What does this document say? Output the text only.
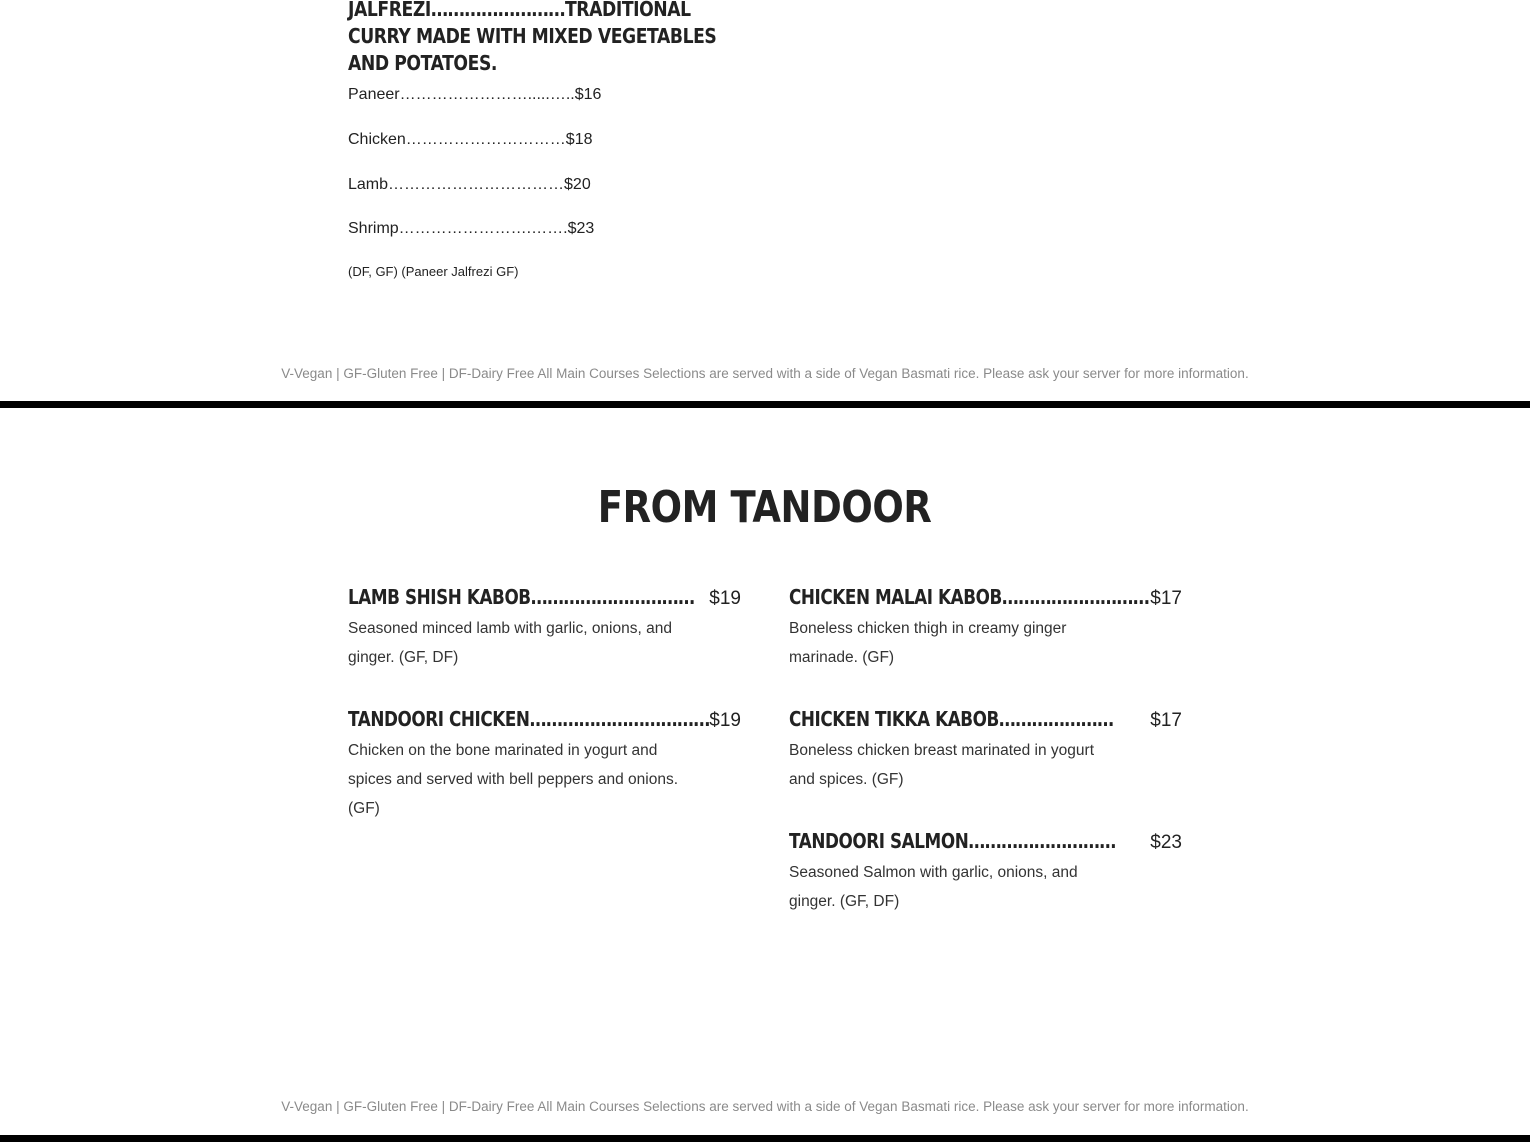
JALFREZI……………………TRADITIONAL CURRY MADE WITH MIXED VEGETABLES AND POTATOES.
Paneer…………………….....…..$16
Chicken…………………………$18
Lamb……………………………$20
Shrimp…………………….…….$23
(DF, GF) (Paneer Jalfrezi GF)
V-Vegan | GF-Gluten Free | DF-Dairy Free All Main Courses Selections are served with a side of Vegan Basmati rice. Please ask your server for more information.
FROM TANDOOR
LAMB SHISH KABOB………………………… $19
Seasoned minced lamb with garlic, onions, and ginger. (GF, DF)
CHICKEN MALAI KABOB……………………… $17
Boneless chicken thigh in creamy ginger marinade. (GF)
TANDOORI CHICKEN…………………………… $19
Chicken on the bone marinated in yogurt and spices and served with bell peppers and onions. (GF)
CHICKEN TIKKA KABOB………………… $17
Boneless chicken breast marinated in yogurt and spices. (GF)
TANDOORI SALMON……………………… $23
Seasoned Salmon with garlic, onions, and ginger. (GF, DF)
V-Vegan | GF-Gluten Free | DF-Dairy Free All Main Courses Selections are served with a side of Vegan Basmati rice. Please ask your server for more information.
